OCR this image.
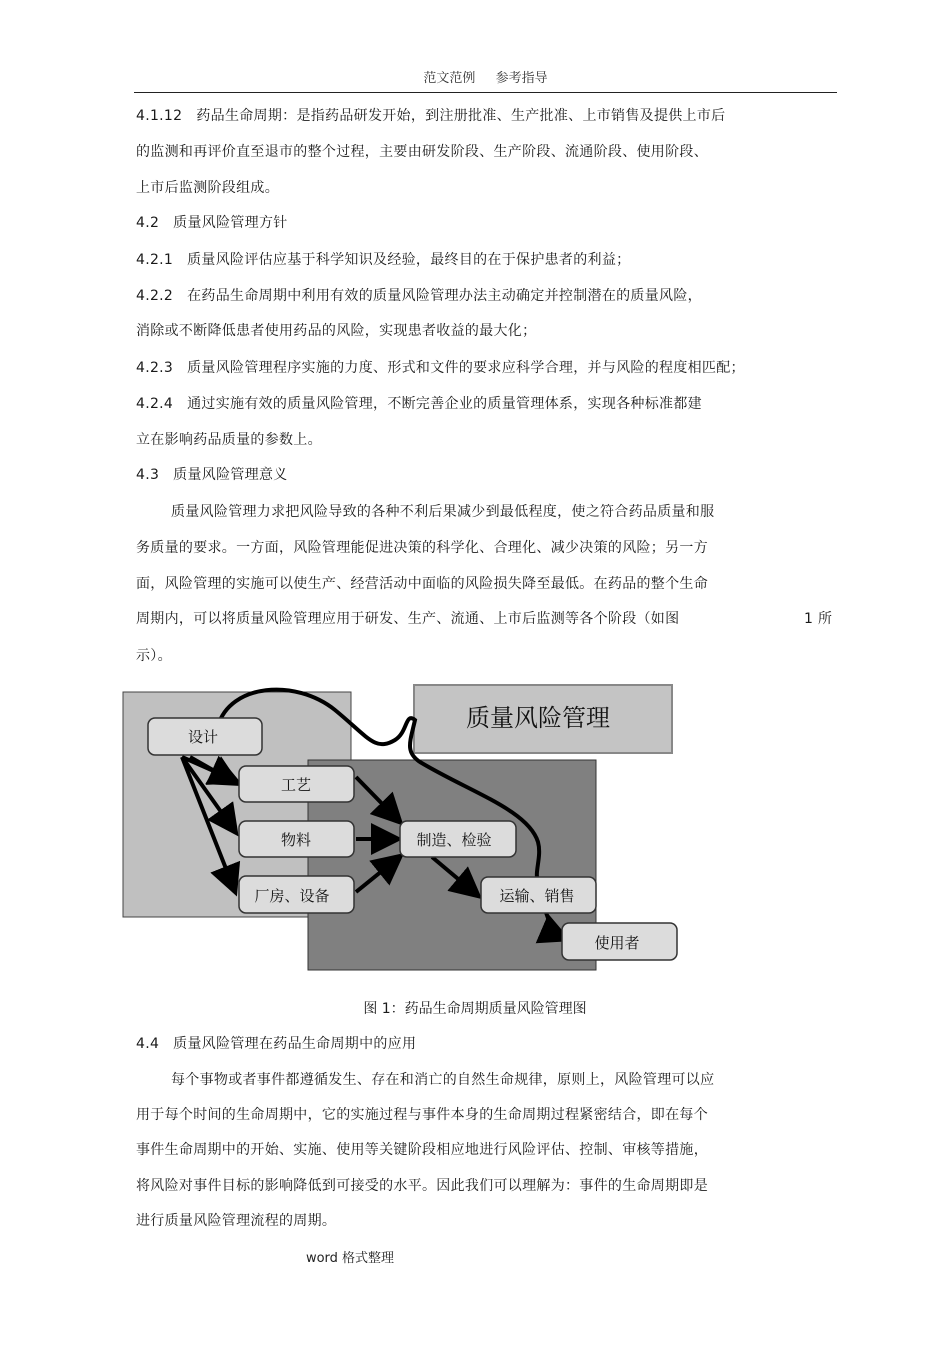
范文范例 参考指导
4.1.12 药品生命周期：是指药品研发开始，到注册批准、生产批准、上市销售及提供上市后
的监测和再评价直至退市的整个过程，主要由研发阶段、生产阶段、流通阶段、使用阶段、
上市后监测阶段组成。
4.2 质量风险管理方针
4.2.1 质量风险评估应基于科学知识及经验，最终目的在于保护患者的利益；
4.2.2 在药品生命周期中利用有效的质量风险管理办法主动确定并控制潜在的质量风险，
消除或不断降低患者使用药品的风险，实现患者收益的最大化；
4.2.3 质量风险管理程序实施的力度、形式和文件的要求应科学合理，并与风险的程度相匹配；
4.2.4 通过实施有效的质量风险管理，不断完善企业的质量管理体系，实现各种标准都建
立在影响药品质量的参数上。
4.3 质量风险管理意义
质量风险管理力求把风险导致的各种不利后果减少到最低程度，使之符合药品质量和服
务质量的要求。一方面，风险管理能促进决策的科学化、合理化、减少决策的风险；另一方
面，风险管理的实施可以使生产、经营活动中面临的风险损失降至最低。在药品的整个生命
周期内，可以将质量风险管理应用于研发、生产、流通、上市后监测等各个阶段（如图	1 所
示）。
质量风险管理
设计
工艺
物料
厂房、设备
制造、检验
运输、销售
使用者
图 1：药品生命周期质量风险管理图
4.4 质量风险管理在药品生命周期中的应用
每个事物或者事件都遵循发生、存在和消亡的自然生命规律，原则上，风险管理可以应
用于每个时间的生命周期中，它的实施过程与事件本身的生命周期过程紧密结合，即在每个
事件生命周期中的开始、实施、使用等关键阶段相应地进行风险评估、控制、审核等措施，
将风险对事件目标的影响降低到可接受的水平。因此我们可以理解为：事件的生命周期即是
进行质量风险管理流程的周期。
word 格式整理
